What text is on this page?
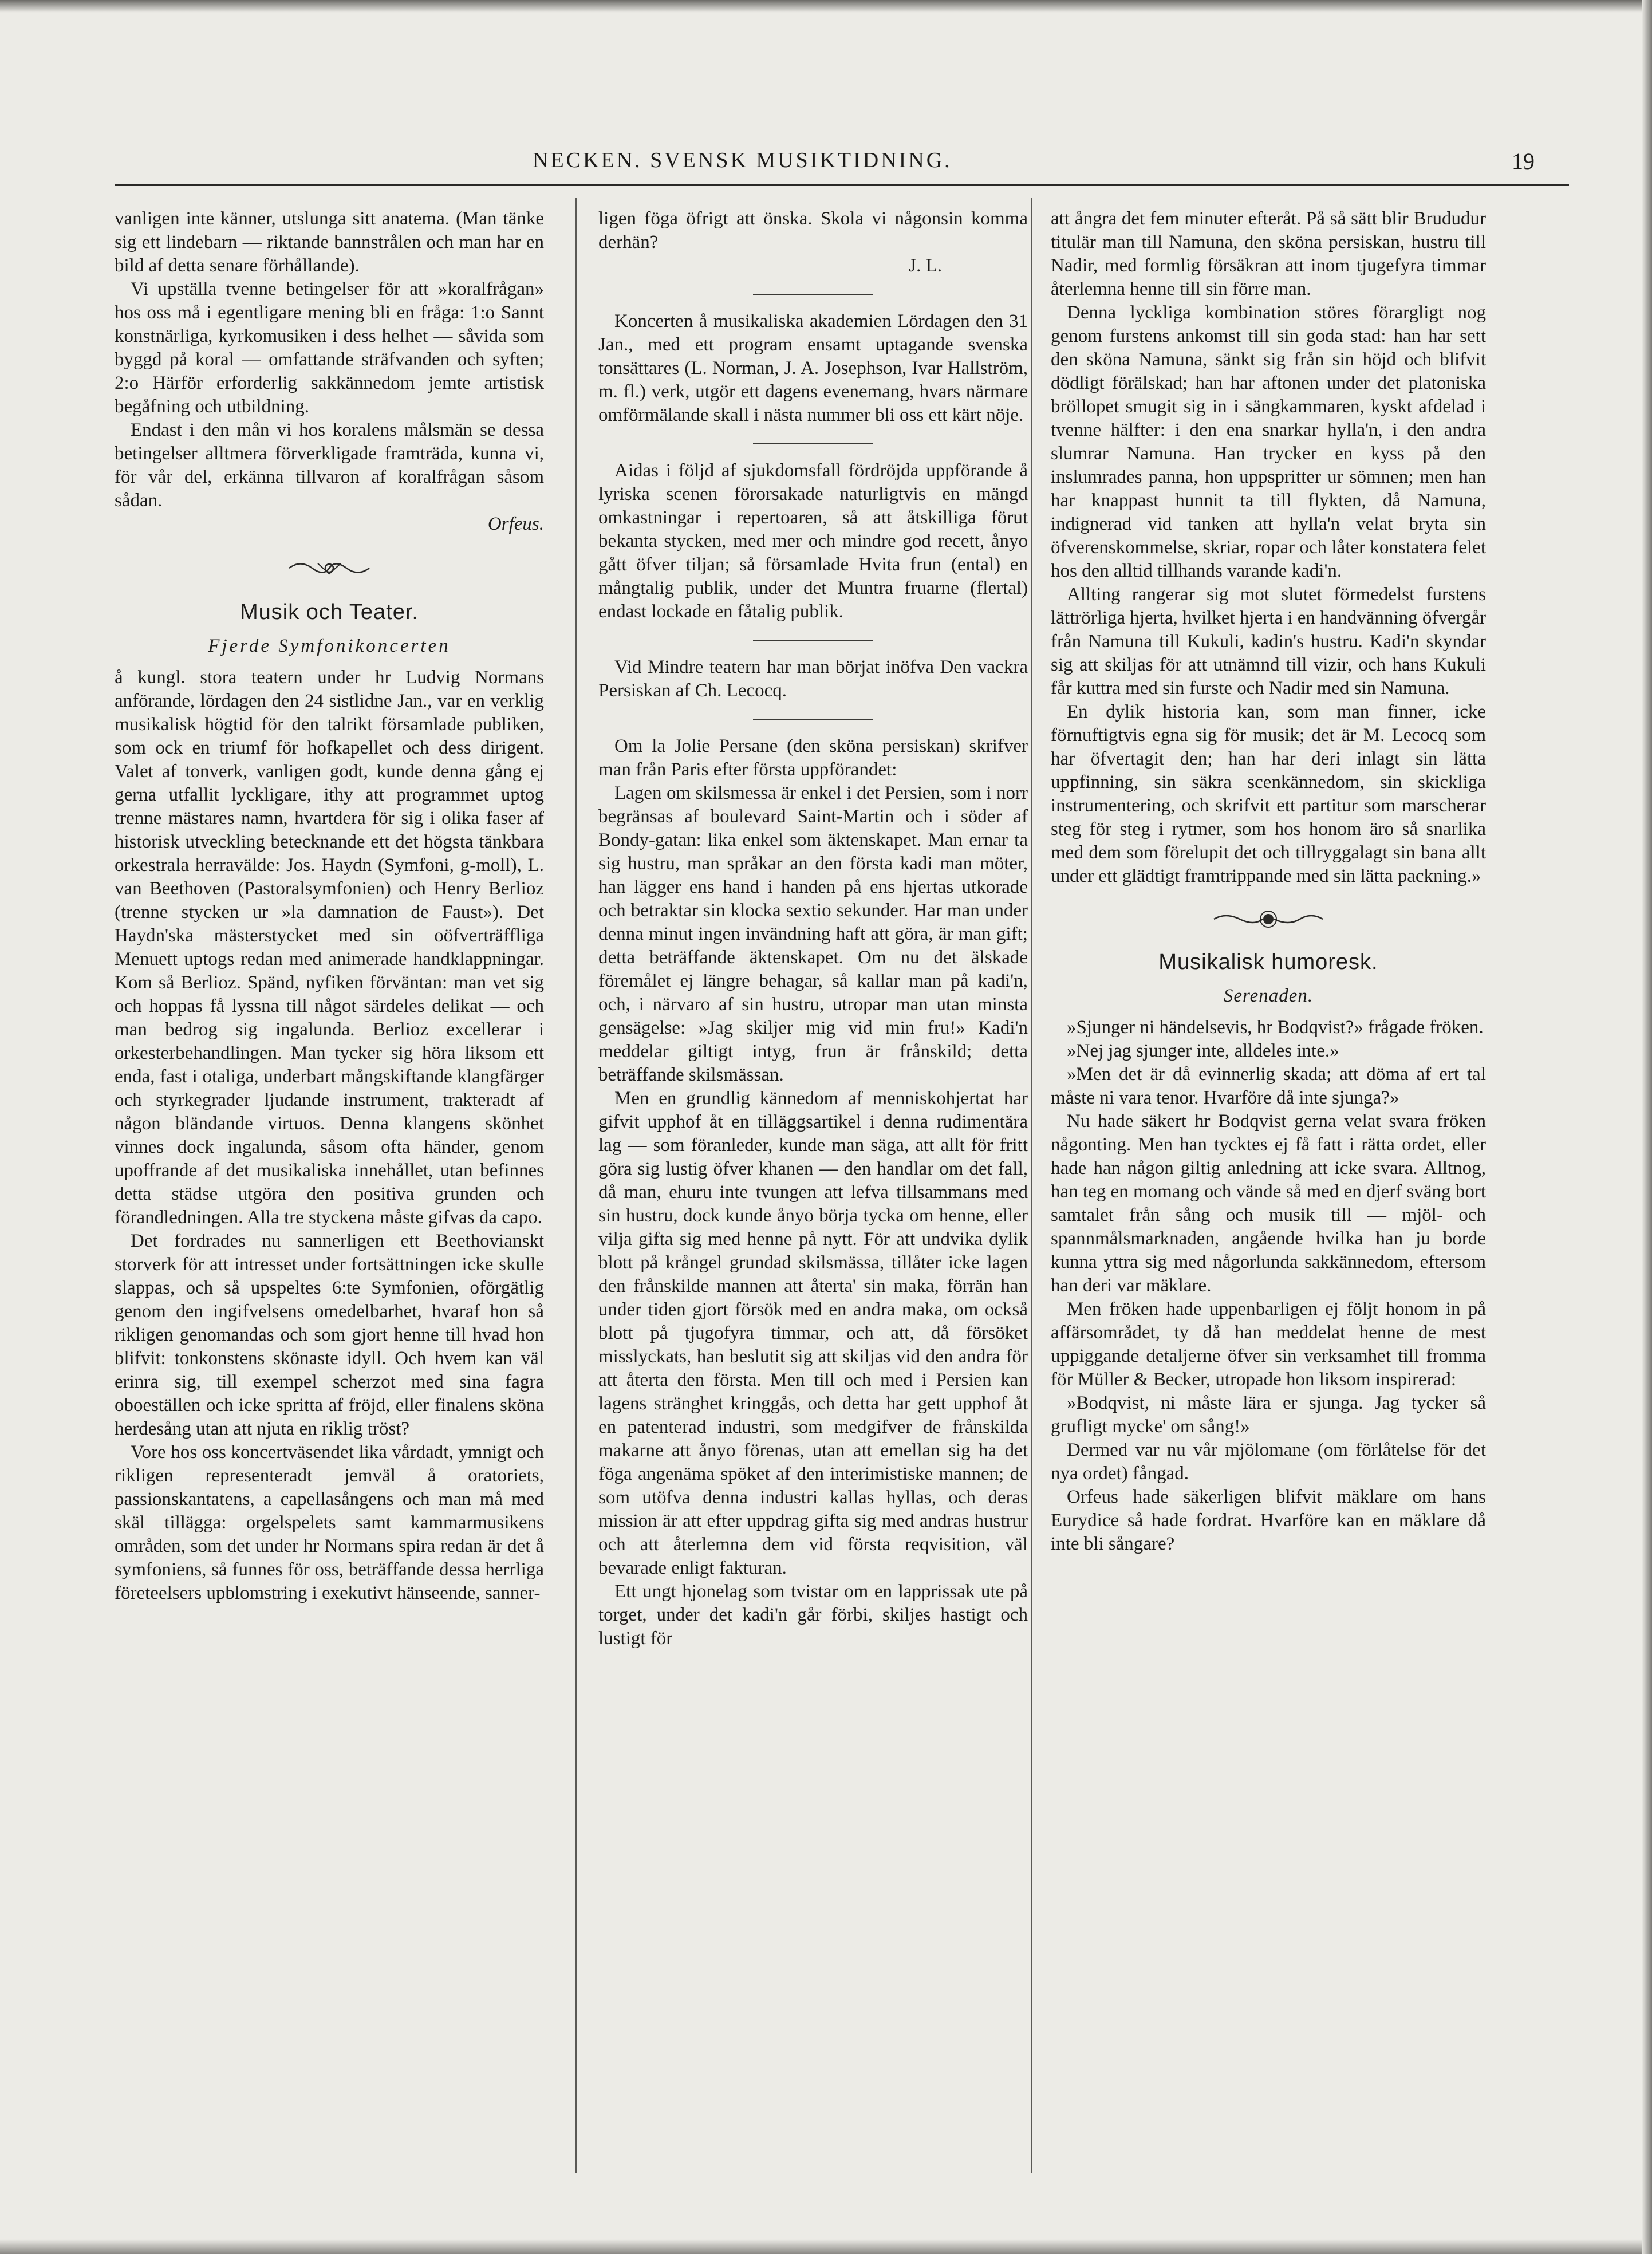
NECKEN. SVENSK MUSIKTIDNING.	19

vanligen inte känner, utslunga sitt anatema. (Man tänke sig ett lindebarn — riktande bannstrålen och man har en bild af detta senare förhållande).

Vi upställa tvenne betingelser för att »koralfrågan» hos oss må i egentligare mening bli en fråga: 1:o Sannt konstnärliga, kyrkomusiken i dess helhet — såvida som byggd på koral — omfattande sträfvanden och syften; 2:o Härför erforderlig sakkännedom jemte artistisk begåfning och utbildning.

Endast i den mån vi hos koralens målsmän se dessa betingelser alltmera förverkligade framträda, kunna vi, för vår del, erkänna tillvaron af koralfrågan såsom sådan.

Orfeus.

Musik och Teater.
Fjerde Symfonikoncerten

å kungl. stora teatern under hr Ludvig Normans anförande, lördagen den 24 sistlidne Jan., var en verklig musikalisk högtid för den talrikt församlade publiken, som ock en triumf för hofkapellet och dess dirigent. Valet af tonverk, vanligen godt, kunde denna gång ej gerna utfallit lyckligare, ithy att programmet uptog trenne mästares namn, hvartdera för sig i olika faser af historisk utveckling betecknande ett det högsta tänkbara orkestrala herravälde: Jos. Haydn (Symfoni, g-moll), L. van Beethoven (Pastoralsymfonien) och Henry Berlioz (trenne stycken ur »la damnation de Faust»). Det Haydn'ska mästerstycket med sin oöfverträffliga Menuett uptogs redan med animerade handklappningar. Kom så Berlioz. Spänd, nyfiken förväntan: man vet sig och hoppas få lyssna till något särdeles delikat — och man bedrog sig ingalunda. Berlioz excellerar i orkesterbehandlingen. Man tycker sig höra liksom ett enda, fast i otaliga, underbart mångskiftande klangfärger och styrkegrader ljudande instrument, trakteradt af någon bländande virtuos. Denna klangens skönhet vinnes dock ingalunda, såsom ofta händer, genom upoffrande af det musikaliska innehållet, utan befinnes detta städse utgöra den positiva grunden och förandledningen. Alla tre styckena måste gifvas da capo.

Det fordrades nu sannerligen ett Beethovianskt storverk för att intresset under fortsättningen icke skulle slappas, och så upspeltes 6:te Symfonien, oförgätlig genom den ingifvelsens omedelbarhet, hvaraf hon så rikligen genomandas och som gjort henne till hvad hon blifvit: tonkonstens skönaste idyll. Och hvem kan väl erinra sig, till exempel scherzot med sina fagra oboeställen och icke spritta af fröjd, eller finalens sköna herdesång utan att njuta en riklig tröst?

Vore hos oss koncertväsendet lika vårdadt, ymnigt och rikligen representeradt jemväl å oratoriets, passionskantatens, a capellasångens och man må med skäl tillägga: orgelspelets samt kammarmusikens områden, som det under hr Normans spira redan är det å symfoniens, så funnes för oss, beträffande dessa herrliga företeelsers upblomstring i exekutivt hänseende, sanner-

ligen föga öfrigt att önska. Skola vi någonsin komma derhän?

J. L.

Koncerten å musikaliska akademien Lördagen den 31 Jan., med ett program ensamt uptagande svenska tonsättares (L. Norman, J. A. Josephson, Ivar Hallström, m. fl.) verk, utgör ett dagens evenemang, hvars närmare omförmälande skall i nästa nummer bli oss ett kärt nöje.

Aidas i följd af sjukdomsfall fördröjda uppförande å lyriska scenen förorsakade naturligtvis en mängd omkastningar i repertoaren, så att åtskilliga förut bekanta stycken, med mer och mindre god recett, ånyo gått öfver tiljan; så församlade Hvita frun (ental) en mångtalig publik, under det Muntra fruarne (flertal) endast lockade en fåtalig publik.

Vid Mindre teatern har man börjat inöfva Den vackra Persiskan af Ch. Lecocq.

Om la Jolie Persane (den sköna persiskan) skrifver man från Paris efter första uppförandet:

Lagen om skilsmessa är enkel i det Persien, som i norr begränsas af boulevard Saint-Martin och i söder af Bondy-gatan: lika enkel som äktenskapet. Man ernar ta sig hustru, man språkar an den första kadi man möter, han lägger ens hand i handen på ens hjertas utkorade och betraktar sin klocka sextio sekunder. Har man under denna minut ingen invändning haft att göra, är man gift; detta beträffande äktenskapet. Om nu det älskade föremålet ej längre behagar, så kallar man på kadi'n, och, i närvaro af sin hustru, utropar man utan minsta gensägelse: »Jag skiljer mig vid min fru!» Kadi'n meddelar giltigt intyg, frun är frånskild; detta beträffande skilsmässan.

Men en grundlig kännedom af menniskohjertat har gifvit upphof åt en tilläggsartikel i denna rudimentära lag — som föranleder, kunde man säga, att allt för fritt göra sig lustig öfver khanen — den handlar om det fall, då man, ehuru inte tvungen att lefva tillsammans med sin hustru, dock kunde ånyo börja tycka om henne, eller vilja gifta sig med henne på nytt. För att undvika dylik blott på krångel grundad skilsmässa, tillåter icke lagen den frånskilde mannen att återta' sin maka, förrän han under tiden gjort försök med en andra maka, om också blott på tjugofyra timmar, och att, då försöket misslyckats, han beslutit sig att skiljas vid den andra för att återta den första. Men till och med i Persien kan lagens stränghet kringgås, och detta har gett upphof åt en patenterad industri, som medgifver de frånskilda makarne att ånyo förenas, utan att emellan sig ha det föga angenäma spöket af den interimistiske mannen; de som utöfva denna industri kallas hyllas, och deras mission är att efter uppdrag gifta sig med andras hustrur och att återlemna dem vid första reqvisition, väl bevarade enligt fakturan.

Ett ungt hjonelag som tvistar om en lapprissak ute på torget, under det kadi'n går förbi, skiljes hastigt och lustigt för

att ångra det fem minuter efteråt. På så sätt blir Brududur titulär man till Namuna, den sköna persiskan, hustru till Nadir, med formlig försäkran att inom tjugefyra timmar återlemna henne till sin förre man.

Denna lyckliga kombination störes förargligt nog genom furstens ankomst till sin goda stad: han har sett den sköna Namuna, sänkt sig från sin höjd och blifvit dödligt förälskad; han har aftonen under det platoniska bröllopet smugit sig in i sängkammaren, kyskt afdelad i tvenne hälfter: i den ena snarkar hylla'n, i den andra slumrar Namuna. Han trycker en kyss på den inslumrades panna, hon uppspritter ur sömnen; men han har knappast hunnit ta till flykten, då Namuna, indignerad vid tanken att hylla'n velat bryta sin öfverenskommelse, skriar, ropar och låter konstatera felet hos den alltid tillhands varande kadi'n.

Allting rangerar sig mot slutet förmedelst furstens lättrörliga hjerta, hvilket hjerta i en handvänning öfvergår från Namuna till Kukuli, kadin's hustru. Kadi'n skyndar sig att skiljas för att utnämnd till vizir, och hans Kukuli får kuttra med sin furste och Nadir med sin Namuna.

En dylik historia kan, som man finner, icke förnuftigtvis egna sig för musik; det är M. Lecocq som har öfvertagit den; han har deri inlagt sin lätta uppfinning, sin säkra scenkännedom, sin skickliga instrumentering, och skrifvit ett partitur som marscherar steg för steg i rytmer, som hos honom äro så snarlika med dem som förelupit det och tillryggalagt sin bana allt under ett glädtigt framtrippande med sin lätta packning.»

Musikalisk humoresk.
Serenaden.

»Sjunger ni händelsevis, hr Bodqvist?» frågade fröken.

»Nej jag sjunger inte, alldeles inte.»

»Men det är då evinnerlig skada; att döma af ert tal måste ni vara tenor. Hvarföre då inte sjunga?»

Nu hade säkert hr Bodqvist gerna velat svara fröken någonting. Men han tycktes ej få fatt i rätta ordet, eller hade han någon giltig anledning att icke svara. Alltnog, han teg en momang och vände så med en djerf sväng bort samtalet från sång och musik till — mjöl- och spannmålsmarknaden, angående hvilka han ju borde kunna yttra sig med någorlunda sakkännedom, eftersom han deri var mäklare.

Men fröken hade uppenbarligen ej följt honom in på affärsområdet, ty då han meddelat henne de mest uppiggande detaljerne öfver sin verksamhet till fromma för Müller & Becker, utropade hon liksom inspirerad:

»Bodqvist, ni måste lära er sjunga. Jag tycker så grufligt mycke' om sång!»

Dermed var nu vår mjölomane (om förlåtelse för det nya ordet) fångad.

Orfeus hade säkerligen blifvit mäklare om hans Eurydice så hade fordrat. Hvarföre kan en mäklare då inte bli sångare?
